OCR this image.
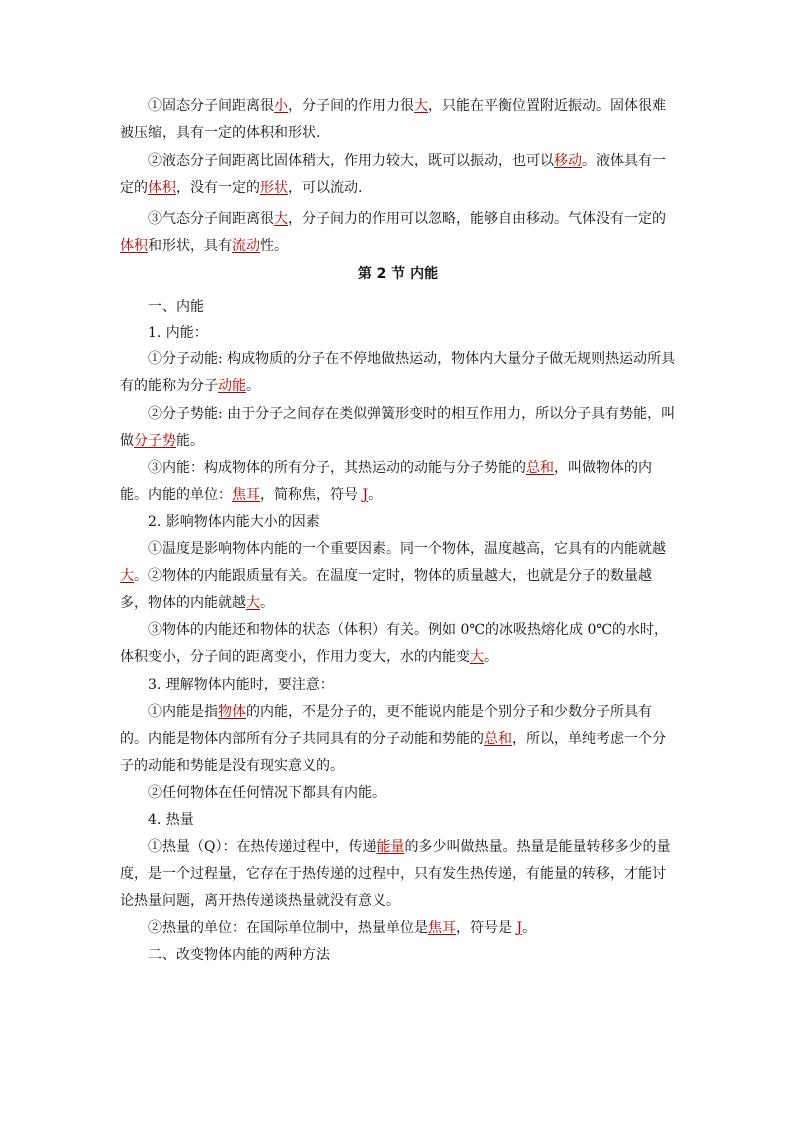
①固态分子间距离很小，分子间的作用力很大，只能在平衡位置附近振动。固体很难被压缩，具有一定的体积和形状.
②液态分子间距离比固体稍大，作用力较大，既可以振动，也可以移动。液体具有一定的体积，没有一定的形状，可以流动.
③气态分子间距离很大，分子间力的作用可以忽略，能够自由移动。气体没有一定的体积和形状，具有流动性。
第 2 节 内能
一、内能
1. 内能：
①分子动能: 构成物质的分子在不停地做热运动，物体内大量分子做无规则热运动所具有的能称为分子动能。
②分子势能: 由于分子之间存在类似弹簧形变时的相互作用力，所以分子具有势能，叫做分子势能。
③内能：构成物体的所有分子，其热运动的动能与分子势能的总和，叫做物体的内能。内能的单位：焦耳，简称焦，符号 J。
2. 影响物体内能大小的因素
①温度是影响物体内能的一个重要因素。同一个物体，温度越高，它具有的内能就越大。 ②物体的内能跟质量有关。在温度一定时，物体的质量越大，也就是分子的数量越多，物体的内能就越大。
③物体的内能还和物体的状态（体积）有关。例如 0℃的冰吸热熔化成 0℃的水时，体积变小，分子间的距离变小，作用力变大，水的内能变大。
3. 理解物体内能时，要注意：
①内能是指物体的内能，不是分子的，更不能说内能是个别分子和少数分子所具有的。内能是物体内部所有分子共同具有的分子动能和势能的总和，所以，单纯考虑一个分子的动能和势能是没有现实意义的。
②任何物体在任何情况下都具有内能。
4. 热量
①热量（Q）：在热传递过程中，传递能量的多少叫做热量。热量是能量转移多少的量度，是一个过程量，它存在于热传递的过程中，只有发生热传递，有能量的转移，才能讨论热量问题，离开热传递谈热量就没有意义。
②热量的单位：在国际单位制中，热量单位是焦耳，符号是 J。
二、改变物体内能的两种方法
